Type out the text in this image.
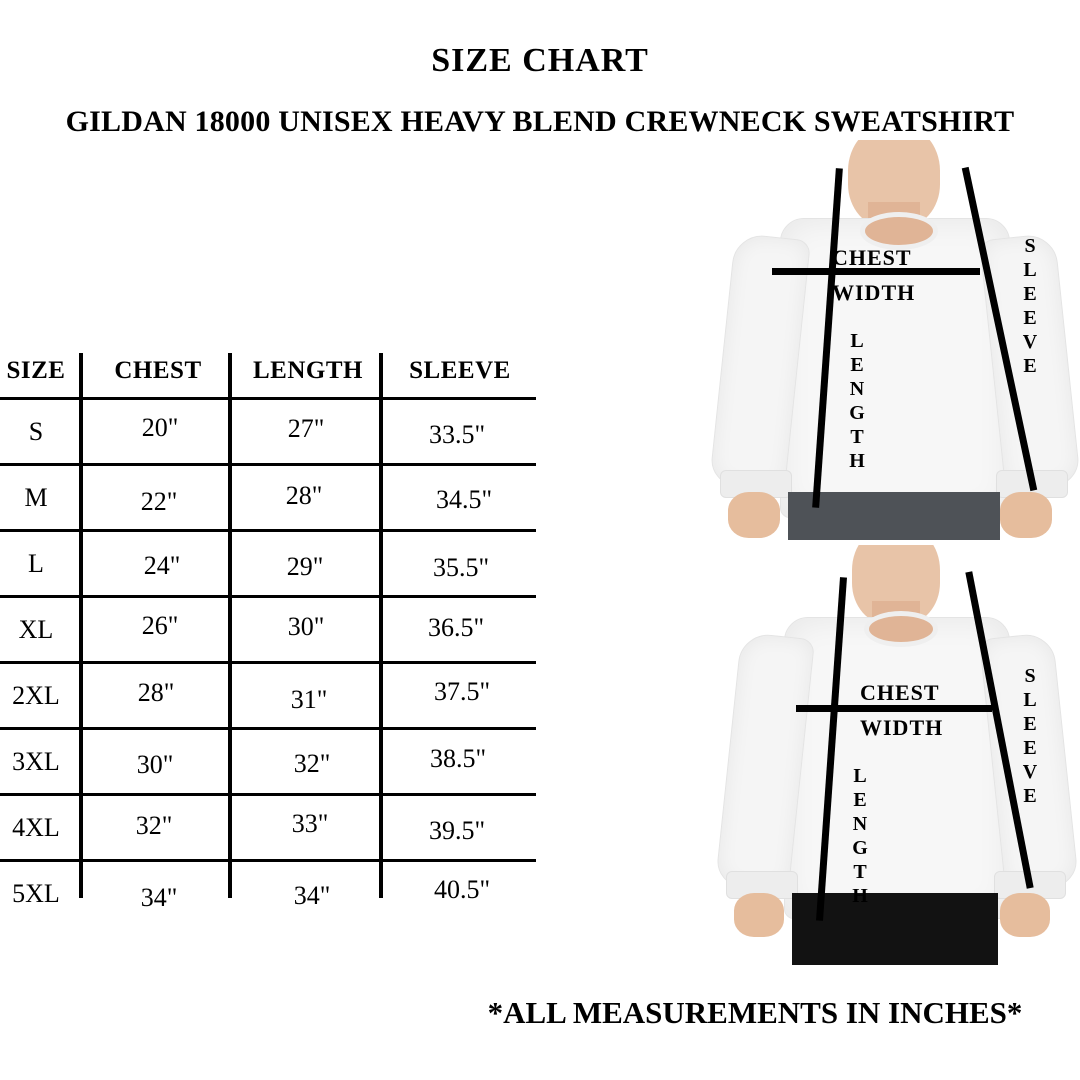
SIZE CHART
GILDAN 18000 UNISEX HEAVY BLEND CREWNECK SWEATSHIRT
SIZE	CHEST	LENGTH	SLEEVE
S	20"	27"	33.5"
M	22"	28"	34.5"
L	24"	29"	35.5"
XL	26"	30"	36.5"
2XL	28"	31"	37.5"
3XL	30"	32"	38.5"
4XL	32"	33"	39.5"
5XL	34"	34"	40.5"
CHEST
WIDTH
LENGTH
SLEEVE
CHEST
WIDTH
LENGTH
SLEEVE
*ALL MEASUREMENTS IN INCHES*
